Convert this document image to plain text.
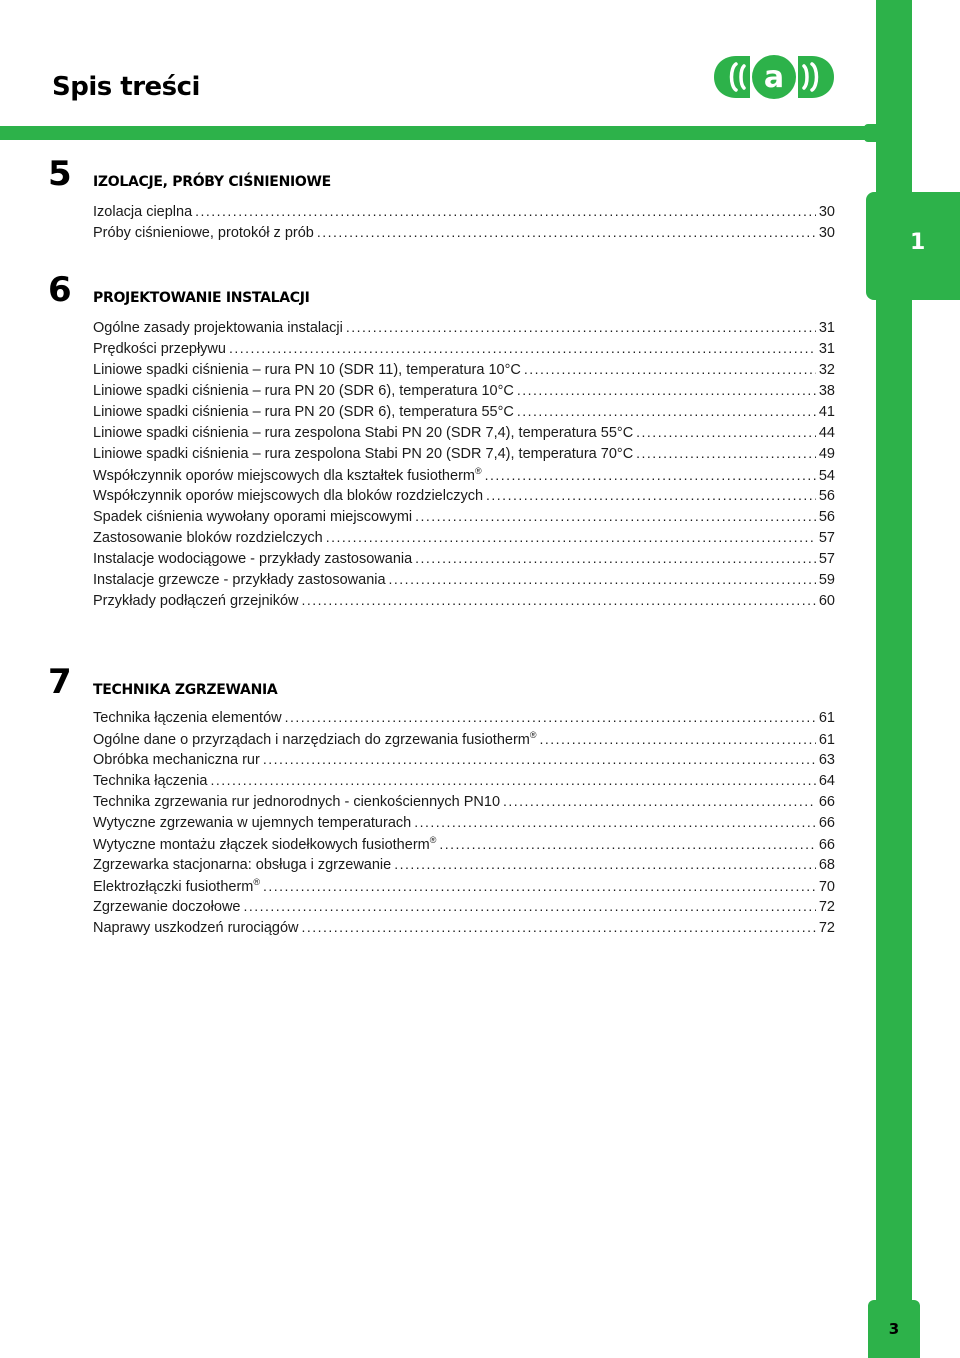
1
Spis treści	a
5 IZOLACJE, PRÓBY CIŚNIENIOWE
Izolacja cieplna . . .	30
Próby ciśnieniowe, protokół z prób . . .	30
6 PROJEKTOWANIE INSTALACJI
Ogólne zasady projektowania instalacji . . .	31
Prędkości przepływu . . .	31
Liniowe spadki ciśnienia – rura PN 10 (SDR 11), temperatura 10°C . . .	32
Liniowe spadki ciśnienia – rura PN 20 (SDR 6), temperatura 10°C . . .	38
Liniowe spadki ciśnienia – rura PN 20 (SDR 6), temperatura 55°C . . .	41
Liniowe spadki ciśnienia – rura zespolona Stabi PN 20 (SDR 7,4), temperatura 55°C . . .	44
Liniowe spadki ciśnienia – rura zespolona Stabi PN 20 (SDR 7,4), temperatura 70°C . . .	49
Współczynnik oporów miejscowych dla kształtek fusiotherm® . . .	54
Współczynnik oporów miejscowych dla bloków rozdzielczych . . .	56
Spadek ciśnienia wywołany oporami miejscowymi . . .	56
Zastosowanie bloków rozdzielczych . . .	57
Instalacje wodociągowe - przykłady zastosowania . . .	57
Instalacje grzewcze - przykłady zastosowania . . .	59
Przykłady podłączeń grzejników . . .	60
7 TECHNIKA ZGRZEWANIA
Technika łączenia elementów . . .	61
Ogólne dane o przyrządach i narzędziach do zgrzewania fusiotherm® . . .	61
Obróbka mechaniczna rur . . .	63
Technika łączenia . . .	64
Technika zgrzewania rur jednorodnych - cienkościennych PN10 . . .	66
Wytyczne zgrzewania w ujemnych temperaturach . . .	66
Wytyczne montażu złączek siodełkowych fusiotherm® . . .	66
Zgrzewarka stacjonarna: obsługa i zgrzewanie . . .	68
Elektrozłączki fusiotherm® . . .	70
Zgrzewanie doczołowe . . .	72
Naprawy uszkodzeń rurociągów . . .	72
3
